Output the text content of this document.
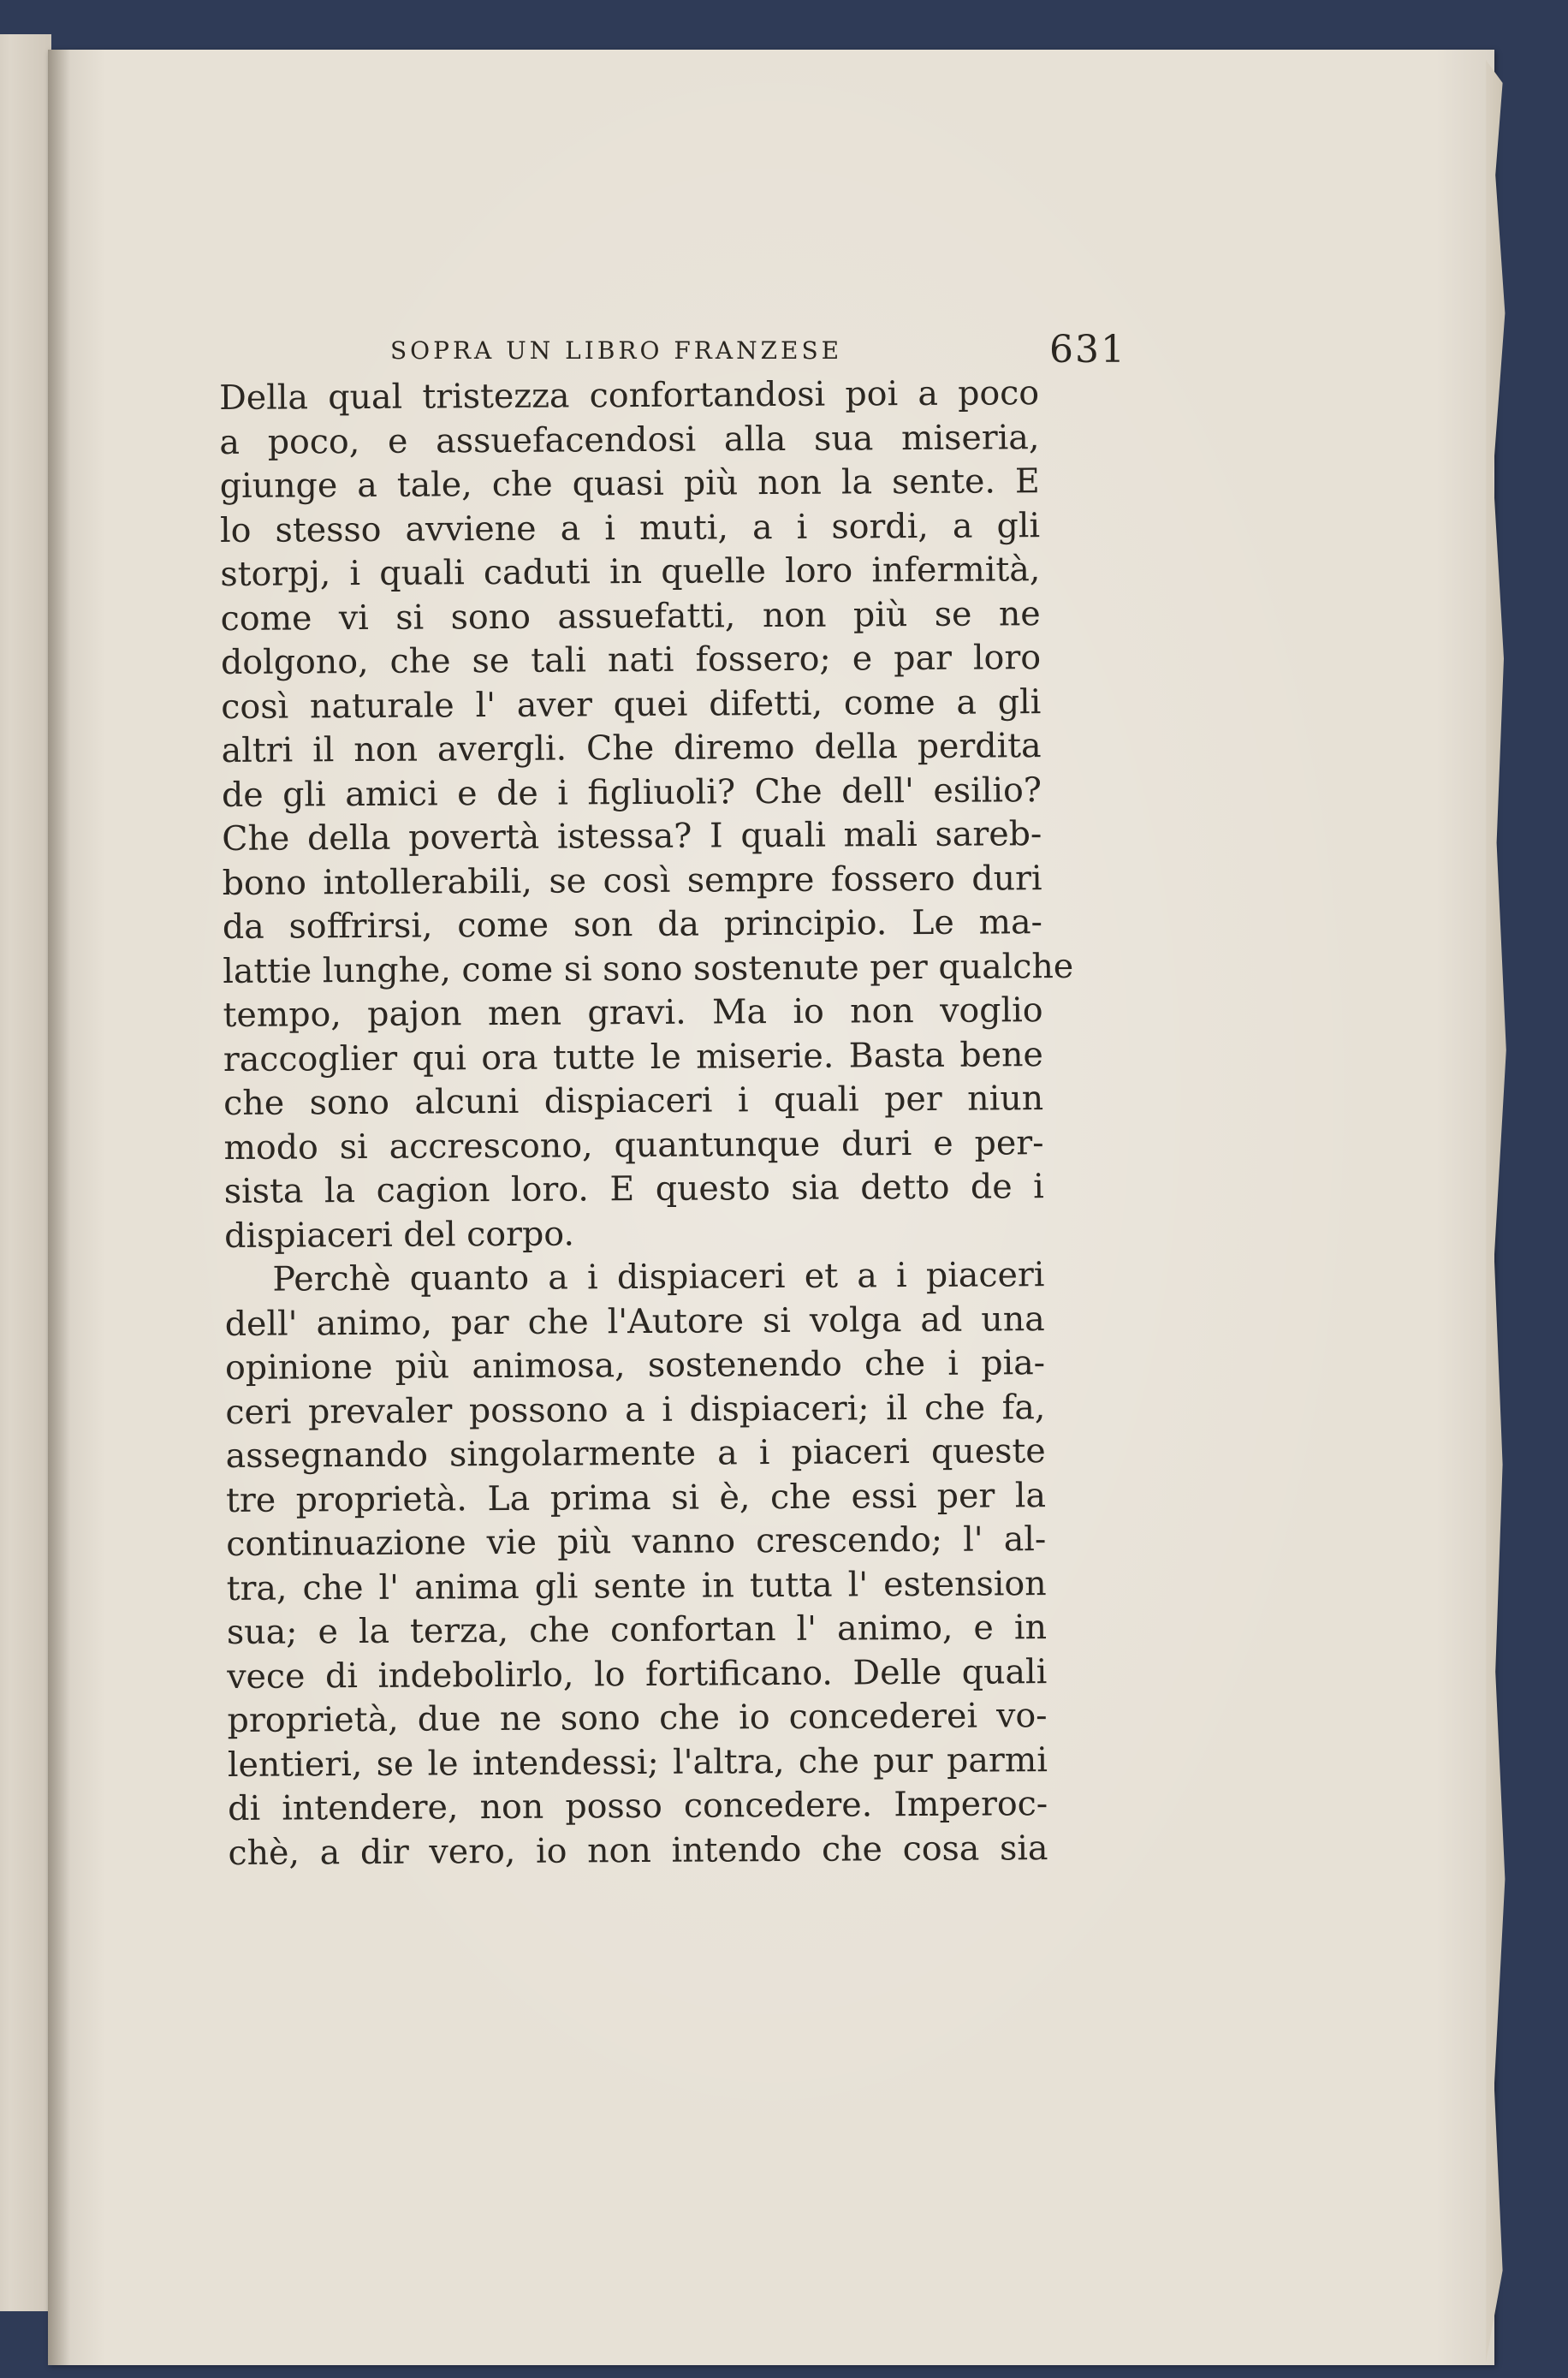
SOPRA UN LIBRO FRANZESE	631
Della qual tristezza confortandosi poi a poco
a poco, e assuefacendosi alla sua miseria,
giunge a tale, che quasi più non la sente. E
lo stesso avviene a i muti, a i sordi, a gli
storpj, i quali caduti in quelle loro infermità,
come vi si sono assuefatti, non più se ne
dolgono, che se tali nati fossero; e par loro
così naturale l' aver quei difetti, come a gli
altri il non avergli. Che diremo della perdita
de gli amici e de i figliuoli? Che dell' esilio?
Che della povertà istessa? I quali mali sareb-
bono intollerabili, se così sempre fossero duri
da soffrirsi, come son da principio. Le ma-
lattie lunghe, come si sono sostenute per qualche
tempo, pajon men gravi. Ma io non voglio
raccoglier qui ora tutte le miserie. Basta bene
che sono alcuni dispiaceri i quali per niun
modo si accrescono, quantunque duri e per-
sista la cagion loro. E questo sia detto de i
dispiaceri del corpo.
Perchè quanto a i dispiaceri et a i piaceri
dell' animo, par che l'Autore si volga ad una
opinione più animosa, sostenendo che i pia-
ceri prevaler possono a i dispiaceri; il che fa,
assegnando singolarmente a i piaceri queste
tre proprietà. La prima si è, che essi per la
continuazione vie più vanno crescendo; l' al-
tra, che l' anima gli sente in tutta l' estension
sua; e la terza, che confortan l' animo, e in
vece di indebolirlo, lo fortificano. Delle quali
proprietà, due ne sono che io concederei vo-
lentieri, se le intendessi; l'altra, che pur parmi
di intendere, non posso concedere. Imperoc-
chè, a dir vero, io non intendo che cosa sia
